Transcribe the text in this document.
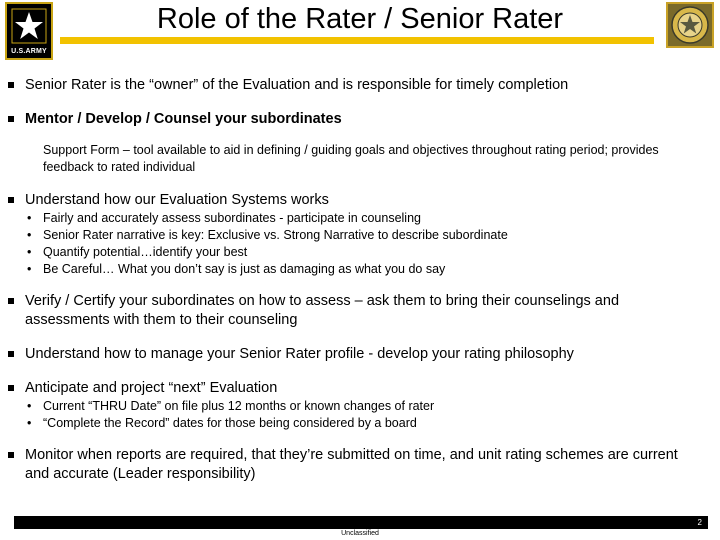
U.S.ARMY
Role of the Rater / Senior Rater
Senior Rater is the “owner” of the Evaluation and is responsible for timely completion
Mentor / Develop / Counsel your subordinates
Support Form – tool available to aid in defining / guiding goals and objectives throughout rating period; provides feedback to rated individual
Understand how our Evaluation Systems works
• Fairly and accurately assess subordinates - participate in counseling
• Senior Rater narrative is key: Exclusive vs. Strong Narrative to describe subordinate
• Quantify potential…identify your best
• Be Careful… What you don’t say is just as damaging as what you do say
Verify / Certify your subordinates on how to assess – ask them to bring their counselings and assessments with them to their counseling
Understand how to manage your Senior Rater profile - develop your rating philosophy
Anticipate and project “next” Evaluation
• Current “THRU Date” on file plus 12 months or known changes of rater
• “Complete the Record” dates for those being considered by a board
Monitor when reports are required, that they’re submitted on time, and unit rating schemes are current and accurate (Leader responsibility)
2
Unclassified
